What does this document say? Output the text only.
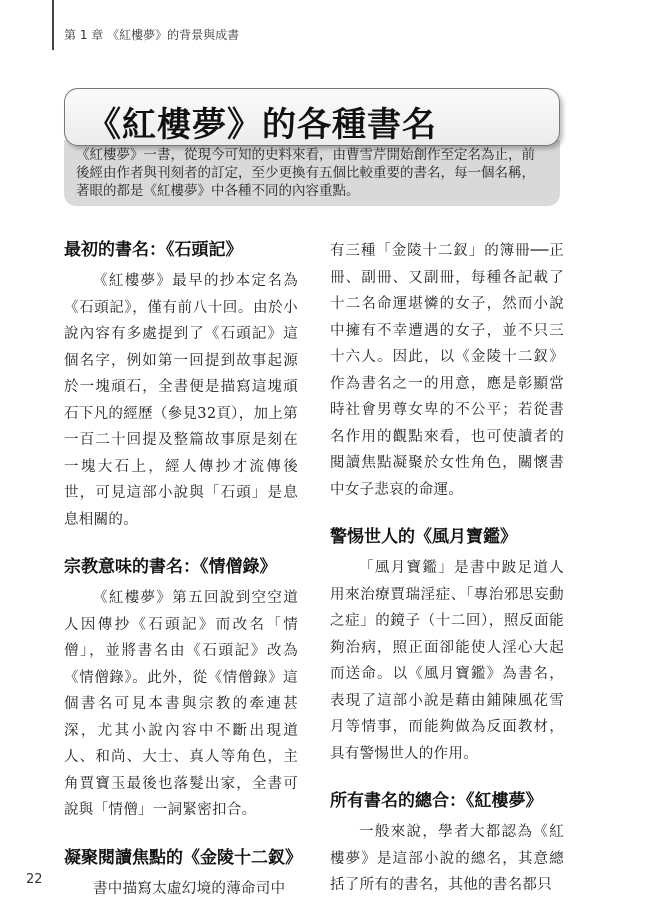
第 1 章 《紅樓夢》的背景與成書
《紅樓夢》一書，從現今可知的史料來看，由曹雪芹開始創作至定名為止，前後經由作者與刊刻者的訂定，至少更換有五個比較重要的書名，每一個名稱，著眼的都是《紅樓夢》中各種不同的內容重點。
《紅樓夢》的各種書名
最初的書名：《石頭記》

《紅樓夢》最早的抄本定名為《石頭記》，僅有前八十回。由於小說內容有多處提到了《石頭記》這個名字，例如第一回提到故事起源於一塊頑石，全書便是描寫這塊頑石下凡的經歷（參見32頁），加上第一百二十回提及整篇故事原是刻在一塊大石上，經人傳抄才流傳後世，可見這部小說與「石頭」是息息相關的。

宗教意味的書名：《情僧錄》

《紅樓夢》第五回說到空空道人因傳抄《石頭記》而改名「情僧」，並將書名由《石頭記》改為《情僧錄》。此外，從《情僧錄》這個書名可見本書與宗教的牽連甚深，尤其小說內容中不斷出現道人、和尚、大士、真人等角色，主角賈寶玉最後也落髮出家，全書可說與「情僧」一詞緊密扣合。

凝聚閱讀焦點的《金陵十二釵》

書中描寫太虛幻境的薄命司中

有三種「金陵十二釵」的簿冊──正冊、副冊、又副冊，每種各記載了十二名命運堪憐的女子，然而小說中擁有不幸遭遇的女子，並不只三十六人。因此，以《金陵十二釵》作為書名之一的用意，應是彰顯當時社會男尊女卑的不公平；若從書名作用的觀點來看，也可使讀者的閱讀焦點凝聚於女性角色，關懷書中女子悲哀的命運。

警惕世人的《風月寶鑑》

「風月寶鑑」是書中跛足道人用來治療賈瑞淫症、「專治邪思妄動之症」的鏡子（十二回），照反面能夠治病，照正面卻能使人淫心大起而送命。以《風月寶鑑》為書名，表現了這部小說是藉由鋪陳風花雪月等情事，而能夠做為反面教材，具有警惕世人的作用。

所有書名的總合：《紅樓夢》

一般來說，學者大都認為《紅樓夢》是這部小說的總名，其意總括了所有的書名，其他的書名都只

22
